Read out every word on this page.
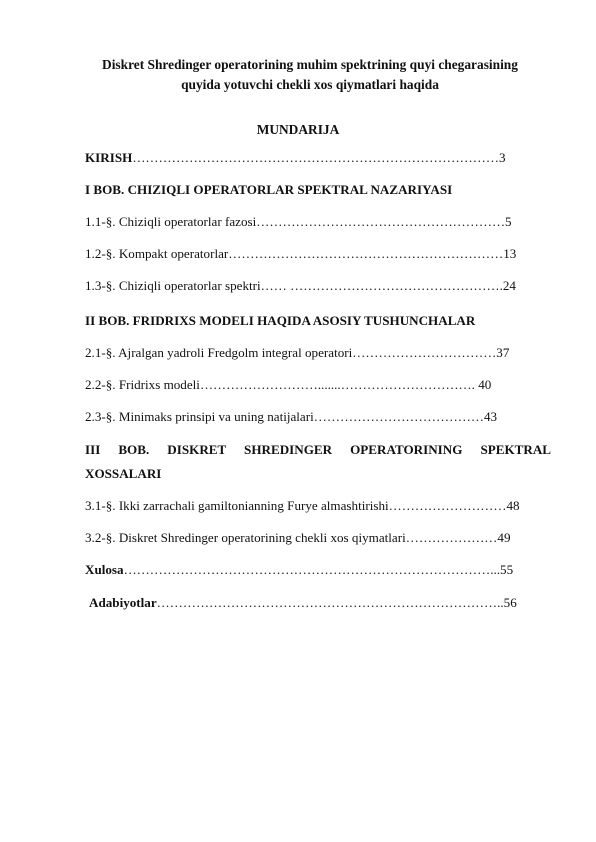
Diskret Shredinger operatorining muhim spektrining quyi chegarasining
quyida yotuvchi chekli xos qiymatlari haqida
MUNDARIJA
KIRISH…………………………………………………………………………3
I BOB. CHIZIQLI OPERATORLAR SPEKTRAL NAZARIYASI
1.1-§. Chiziqli operatorlar fazosi…………………………………………………5
1.2-§. Kompakt operatorlar………………………………………………………13
1.3-§. Chiziqli operatorlar spektri…… ………………………………………….24
II BOB. FRIDRIXS MODELI HAQIDA ASOSIY TUSHUNCHALAR
2.1-§. Ajralgan yadroli Fredgolm integral operatori……………………………37
2.2-§. Fridrixs modeli……………………….......…………………………. 40
2.3-§. Minimaks prinsipi va uning natijalari…………………………………43
III BOB. DISKRET SHREDINGER OPERATORINING SPEKTRAL
XOSSALARI
3.1-§. Ikki zarrachali gamiltonianning Furye almashtirishi………………………48
3.2-§. Diskret Shredinger operatorining chekli xos qiymatlari…………………49
Xulosa…………………………………………………………………………...55
Adabiyotlar……………………………………………………………………..56
